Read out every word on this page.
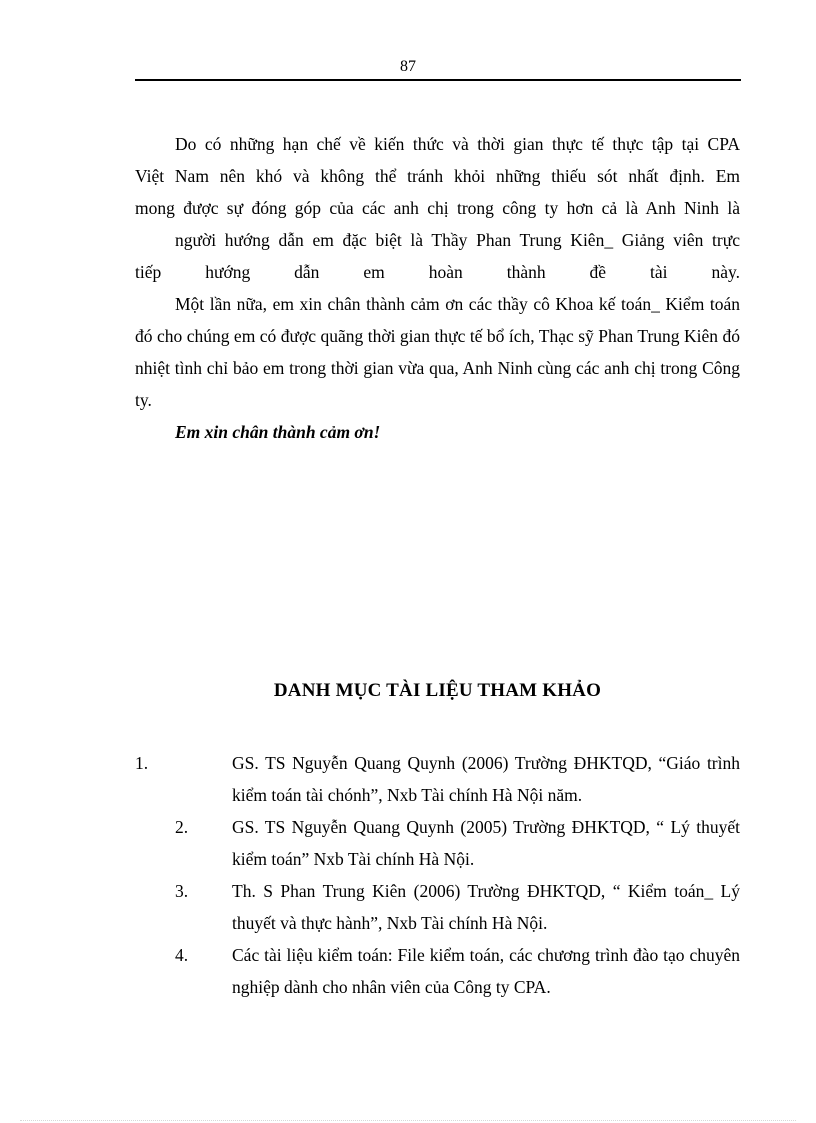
87

Do có những hạn chế về kiến thức và thời gian thực tế thực tập tại CPA

Việt Nam nên khó và không thể tránh khỏi những thiếu sót nhất định. Em

mong được sự đóng góp của các anh chị trong công ty hơn cả là Anh Ninh là

người hướng dẫn em đặc biệt là Thầy Phan Trung Kiên_ Giảng viên trực

tiếp hướng dẫn em hoàn thành đề tài này.

Một lần nữa, em xin chân thành cảm ơn các thầy cô Khoa kế toán_ Kiểm toán đó cho chúng em có được quãng thời gian thực tế bổ ích, Thạc sỹ Phan Trung Kiên đó nhiệt tình chỉ bảo em trong thời gian vừa qua, Anh Ninh cùng các anh chị trong Công ty.

Em xin chân thành cảm ơn!

DANH MỤC TÀI LIỆU THAM KHẢO

1.	GS. TS Nguyễn Quang Quynh (2006) Trường ĐHKTQD, “Giáo trình kiểm toán tài chónh”, Nxb Tài chính Hà Nội năm.

2.	GS. TS Nguyễn Quang Quynh (2005) Trường ĐHKTQD, “ Lý thuyết kiểm toán” Nxb Tài chính Hà Nội.

3.	Th. S Phan Trung Kiên (2006) Trường ĐHKTQD, “ Kiểm toán_ Lý thuyết và thực hành”, Nxb Tài chính Hà Nội.

4.	Các tài liệu kiểm toán: File kiểm toán, các chương trình đào tạo chuyên nghiệp dành cho nhân viên của Công ty CPA.
